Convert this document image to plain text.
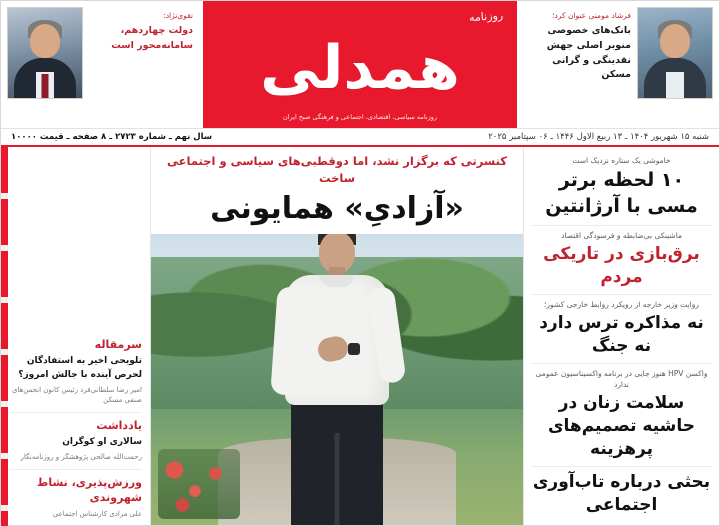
فرشاد مومنی عنوان کرد؛
بانک‌های خصوصی منوبر اصلی جهش نقدینگی و گرانی مسکن
روزنامه
همدلی
روزنامه سیاسی، اقتصادی، اجتماعی و فرهنگی صبح ایران
تقوی‌نژاد:
دولت چهاردهم، سامانه‌محور است
شنبه ۱۵ شهریور ۱۴۰۴ ـ ۱۳ ربیع الاول ۱۴۴۶ ـ ۰۶ سپتامبر ۲۰۲۵
سال نهم ـ شماره ۲۷۲۳ ـ ۸ صفحه ـ قیمت ۱۰۰۰۰
خاموشی یک ستاره نزدیک است
۱۰ لحظه برتر مسی با آرژانتین
ماشینکی بی‌ضابطه و فرسودگی اقتصاد
برق‌بازی در تاریکی مردم
روایت وزیر خارجه از رویکرد روابط خارجی کشور؛
نه مذاکره ترس دارد نه جنگ
واکسن HPV هنوز جایی در برنامه واکسیناسیون عمومی ندارد
سلامت زنان در حاشیه تصمیم‌های پرهزینه
بحثی درباره تاب‌آوری اجتماعی
کنسرتی که برگزار نشد، اما دوقطبی‌های سیاسی و اجتماعی ساخت
«آزادیِ» همایونی
سرمقاله
تلویحی اخیر به استفادگان لحرص آینده با جالش امروز؟
امیر رضا سلطانی‌فرد رئیس کانون انجمن‌های صنفی مسکن
یادداشت
سالاری او کوگران
رحمت‌الله صالحی پژوهشگر و روزنامه‌نگار
ورزش‌پذیری، نشاط شهروندی
علی مرادی کارشناس اجتماعی
